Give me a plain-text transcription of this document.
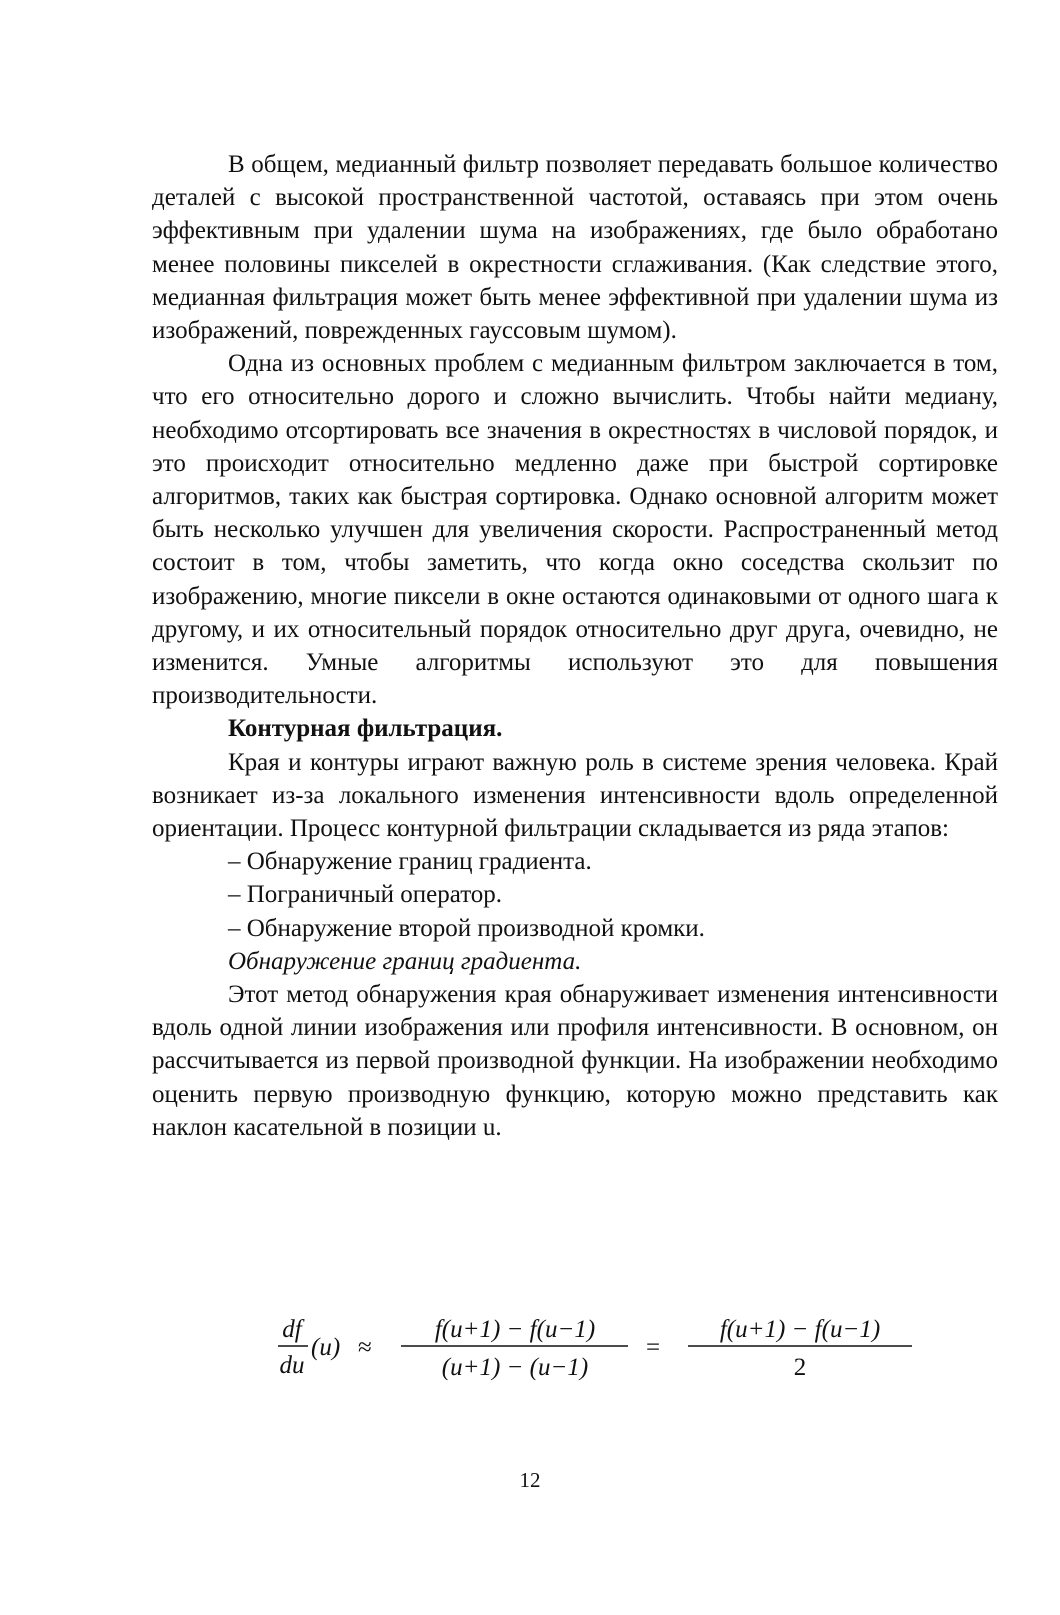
В общем, медианный фильтр позволяет передавать большое количество деталей с высокой пространственной частотой, оставаясь при этом очень эффективным при удалении шума на изображениях, где было обработано менее половины пикселей в окрестности сглаживания. (Как следствие этого, медианная фильтрация может быть менее эффективной при удалении шума из изображений, поврежденных гауссовым шумом).

Одна из основных проблем с медианным фильтром заключается в том, что его относительно дорого и сложно вычислить. Чтобы найти медиану, необходимо отсортировать все значения в окрестностях в числовой порядок, и это происходит относительно медленно даже при быстрой сортировке алгоритмов, таких как быстрая сортировка. Однако основной алгоритм может быть несколько улучшен для увеличения скорости. Распространенный метод состоит в том, чтобы заметить, что когда окно соседства скользит по изображению, многие пиксели в окне остаются одинаковыми от одного шага к другому, и их относительный порядок относительно друг друга, очевидно, не изменится. Умные алгоритмы используют это для повышения производительности.

Контурная фильтрация.

Края и контуры играют важную роль в системе зрения человека. Край возникает из-за локального изменения интенсивности вдоль определенной ориентации. Процесс контурной фильтрации складывается из ряда этапов:

– Обнаружение границ градиента.

– Пограничный оператор.

– Обнаружение второй производной кромки.

Обнаружение границ градиента.

Этот метод обнаружения края обнаруживает изменения интенсивности вдоль одной линии изображения или профиля интенсивности. В основном, он рассчитывается из первой производной функции. На изображении необходимо оценить первую производную функцию, которую можно представить как наклон касательной в позиции u.

df
du
(u) ≈
f(u+1) − f(u−1)
(u+1) − (u−1)
=
f(u+1) − f(u−1)
2
12
